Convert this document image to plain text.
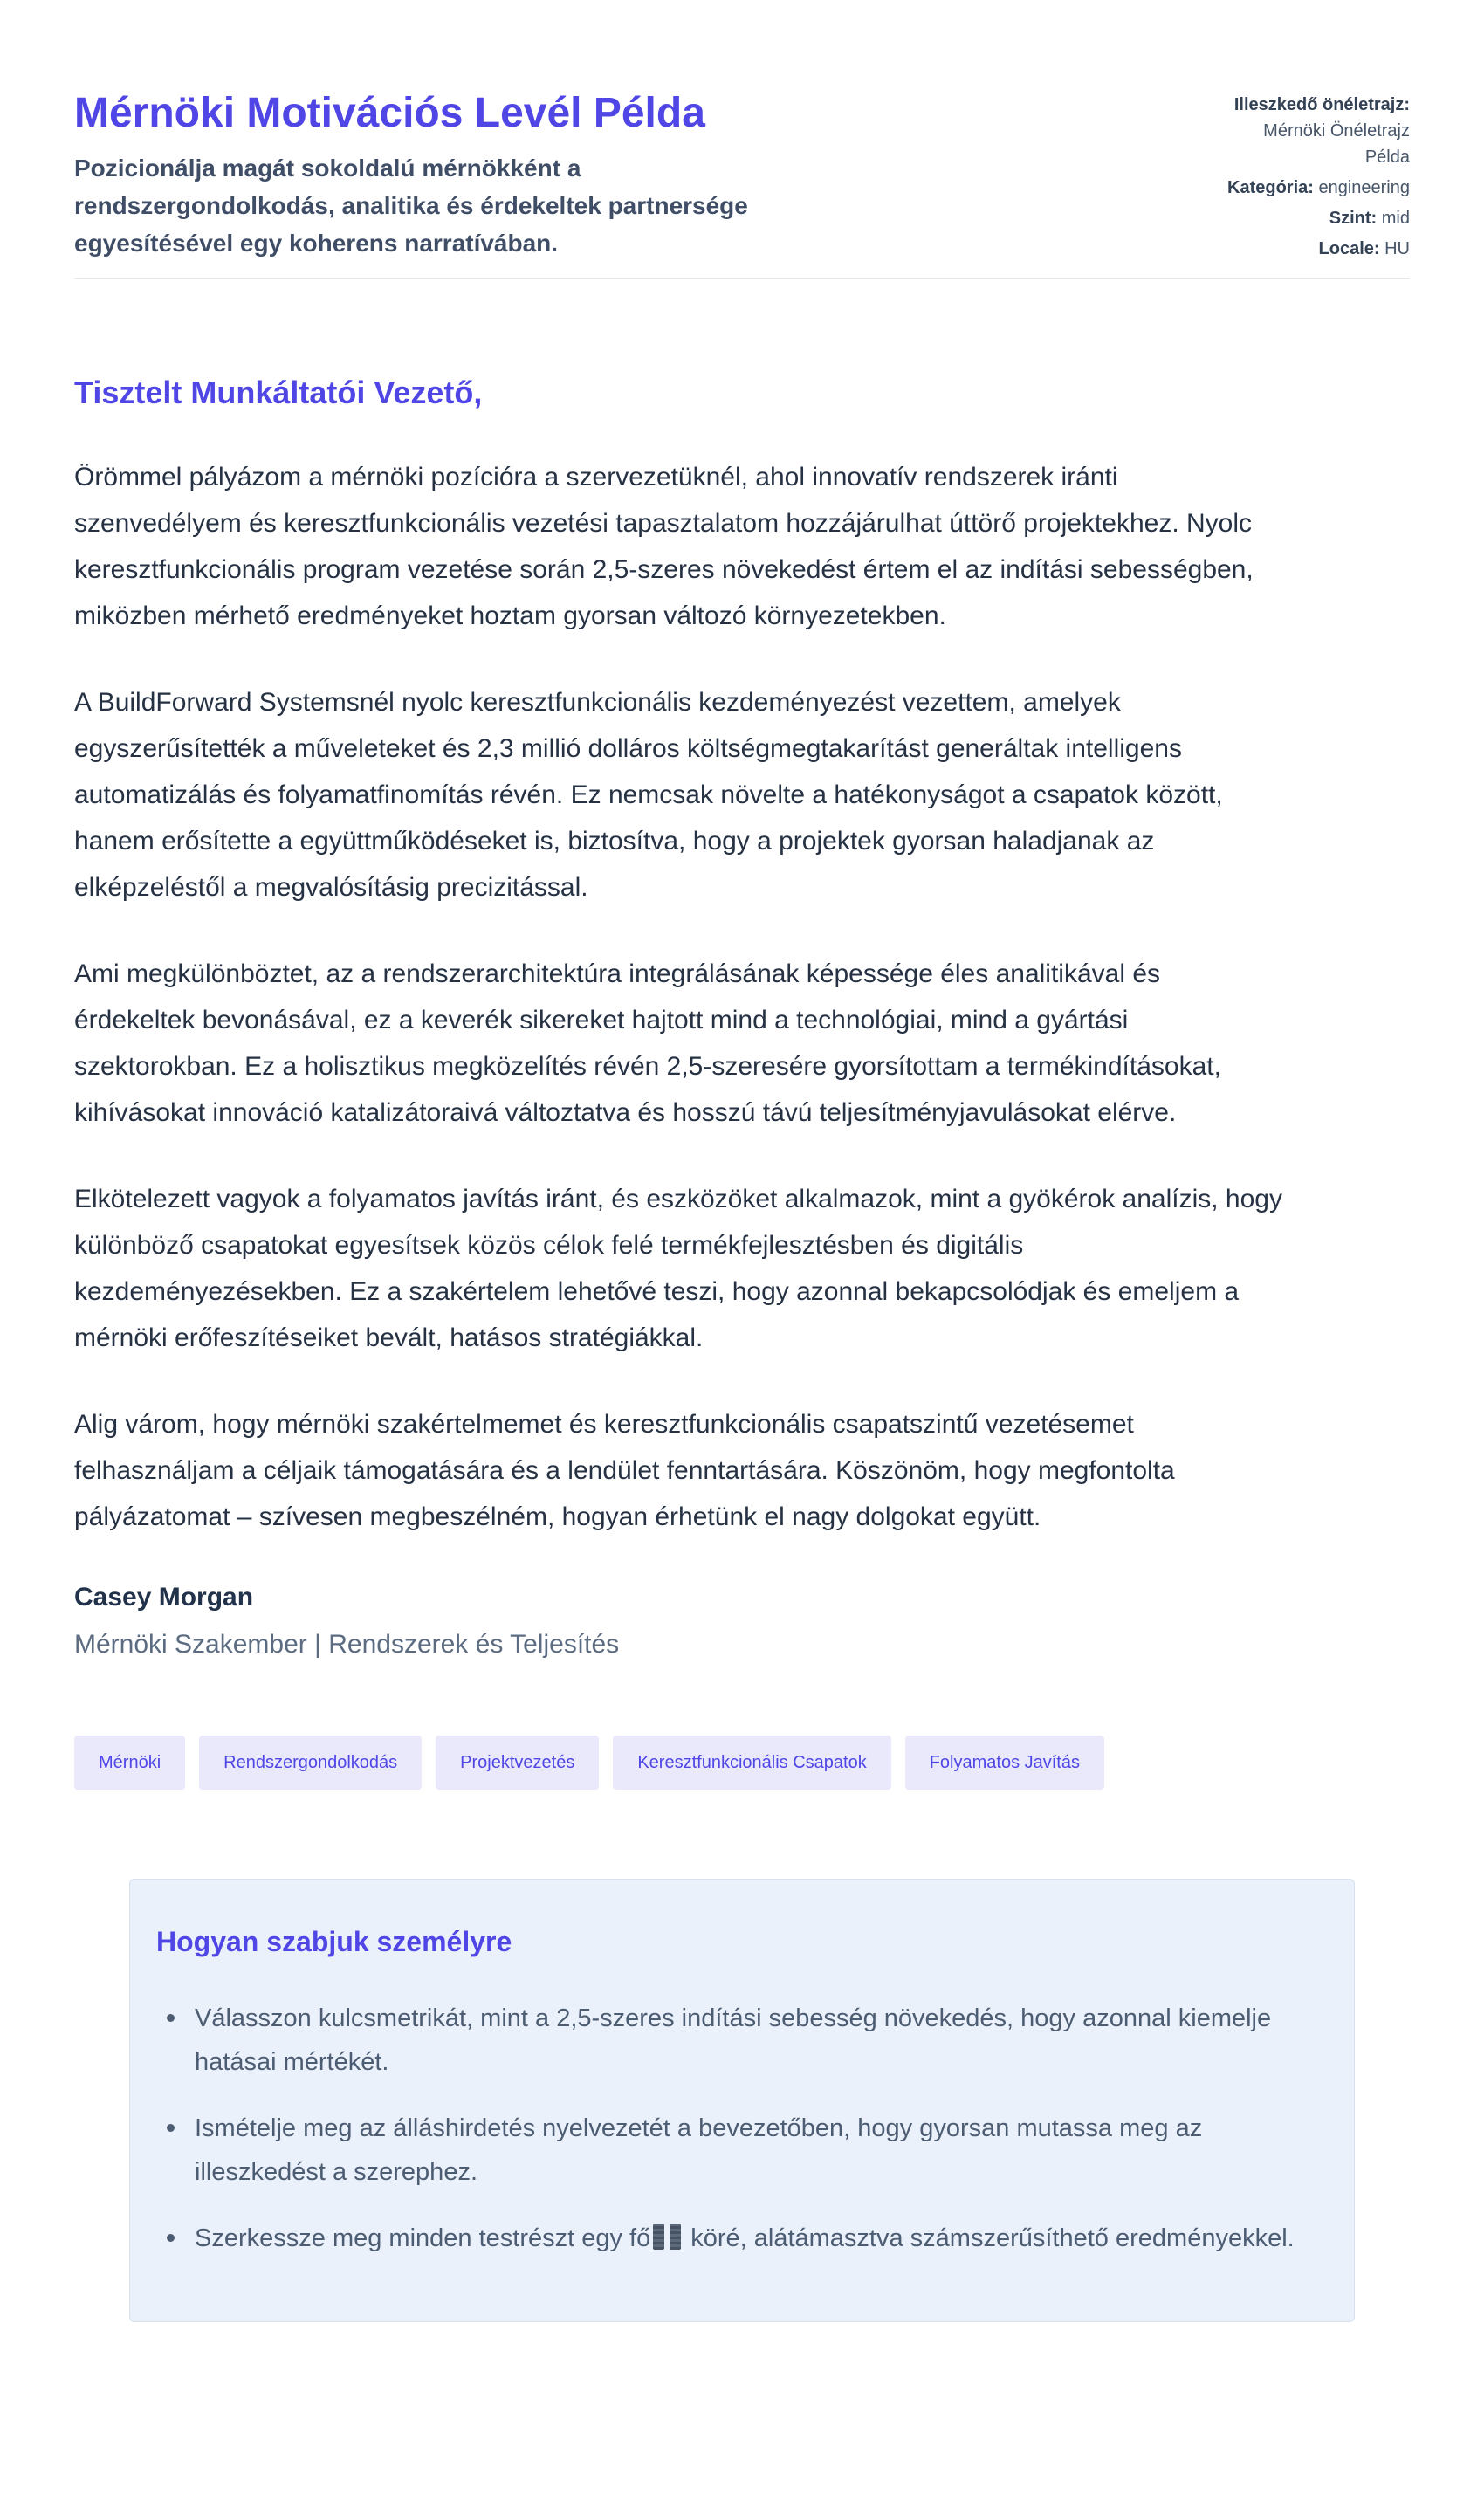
Mérnöki Motivációs Levél Példa

Pozicionálja magát sokoldalú mérnökként a rendszergondolkodás, analitika és érdekeltek partnersége egyesítésével egy koherens narratívában.

Illeszkedő önéletrajz: Mérnöki Önéletrajz Példa
Kategória: engineering
Szint: mid
Locale: HU

Tisztelt Munkáltatói Vezető,

Örömmel pályázom a mérnöki pozícióra a szervezetüknél, ahol innovatív rendszerek iránti szenvedélyem és keresztfunkcionális vezetési tapasztalatom hozzájárulhat úttörő projektekhez. Nyolc keresztfunkcionális program vezetése során 2,5-szeres növekedést értem el az indítási sebességben, miközben mérhető eredményeket hoztam gyorsan változó környezetekben.

A BuildForward Systemsnél nyolc keresztfunkcionális kezdeményezést vezettem, amelyek egyszerűsítették a műveleteket és 2,3 millió dolláros költségmegtakarítást generáltak intelligens automatizálás és folyamatfinomítás révén. Ez nemcsak növelte a hatékonyságot a csapatok között, hanem erősítette a együttműködéseket is, biztosítva, hogy a projektek gyorsan haladjanak az elképzeléstől a megvalósításig precizitással.

Ami megkülönböztet, az a rendszerarchitektúra integrálásának képessége éles analitikával és érdekeltek bevonásával, ez a keverék sikereket hajtott mind a technológiai, mind a gyártási szektorokban. Ez a holisztikus megközelítés révén 2,5-szeresére gyorsítottam a termékindításokat, kihívásokat innováció katalizátoraivá változtatva és hosszú távú teljesítményjavulásokat elérve.

Elkötelezett vagyok a folyamatos javítás iránt, és eszközöket alkalmazok, mint a gyökérok analízis, hogy különböző csapatokat egyesítsek közös célok felé termékfejlesztésben és digitális kezdeményezésekben. Ez a szakértelem lehetővé teszi, hogy azonnal bekapcsolódjak és emeljem a mérnöki erőfeszítéseiket bevált, hatásos stratégiákkal.

Alig várom, hogy mérnöki szakértelmemet és keresztfunkcionális csapatszintű vezetésemet felhasználjam a céljaik támogatására és a lendület fenntartására. Köszönöm, hogy megfontolta pályázatomat – szívesen megbeszélném, hogyan érhetünk el nagy dolgokat együtt.

Casey Morgan

Mérnöki Szakember | Rendszerek és Teljesítés

Mérnöki	Rendszergondolkodás	Projektvezetés	Keresztfunkcionális Csapatok	Folyamatos Javítás
Hogyan szabjuk személyre
Válasszon kulcsmetrikát, mint a 2,5-szeres indítási sebesség növekedés, hogy azonnal kiemelje hatásai mértékét.
Ismételje meg az álláshirdetés nyelvezetét a bevezetőben, hogy gyorsan mutassa meg az illeszkedést a szerephez.
Szerkessze meg minden testrészt egy fő köré, alátámasztva számszerűsíthető eredményekkel.
